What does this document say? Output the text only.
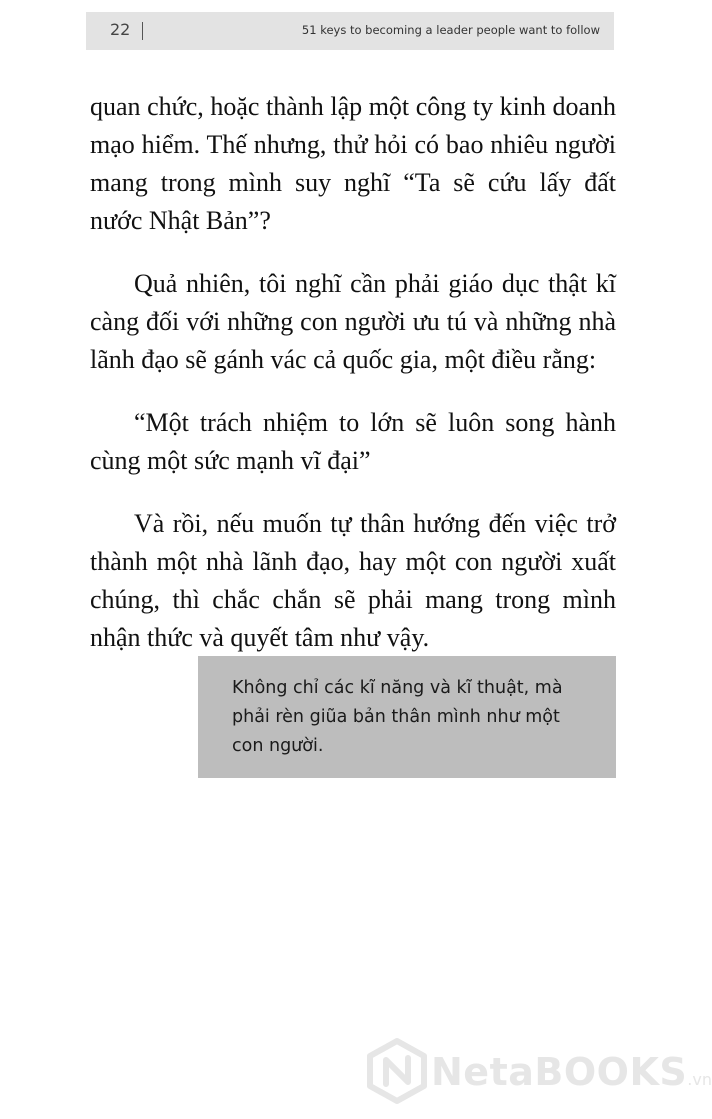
22	51 keys to becoming a leader people want to follow

quan chức, hoặc thành lập một công ty kinh doanh mạo hiểm. Thế nhưng, thử hỏi có bao nhiêu người mang trong mình suy nghĩ “Ta sẽ cứu lấy đất nước Nhật Bản”?

Quả nhiên, tôi nghĩ cần phải giáo dục thật kĩ càng đối với những con người ưu tú và những nhà lãnh đạo sẽ gánh vác cả quốc gia, một điều rằng:

“Một trách nhiệm to lớn sẽ luôn song hành cùng một sức mạnh vĩ đại”

Và rồi, nếu muốn tự thân hướng đến việc trở thành một nhà lãnh đạo, hay một con người xuất chúng, thì chắc chắn sẽ phải mang trong mình nhận thức và quyết tâm như vậy.

Không chỉ các kĩ năng và kĩ thuật, mà phải rèn giũa bản thân mình như một con người.

NetaBOOKS.vn
